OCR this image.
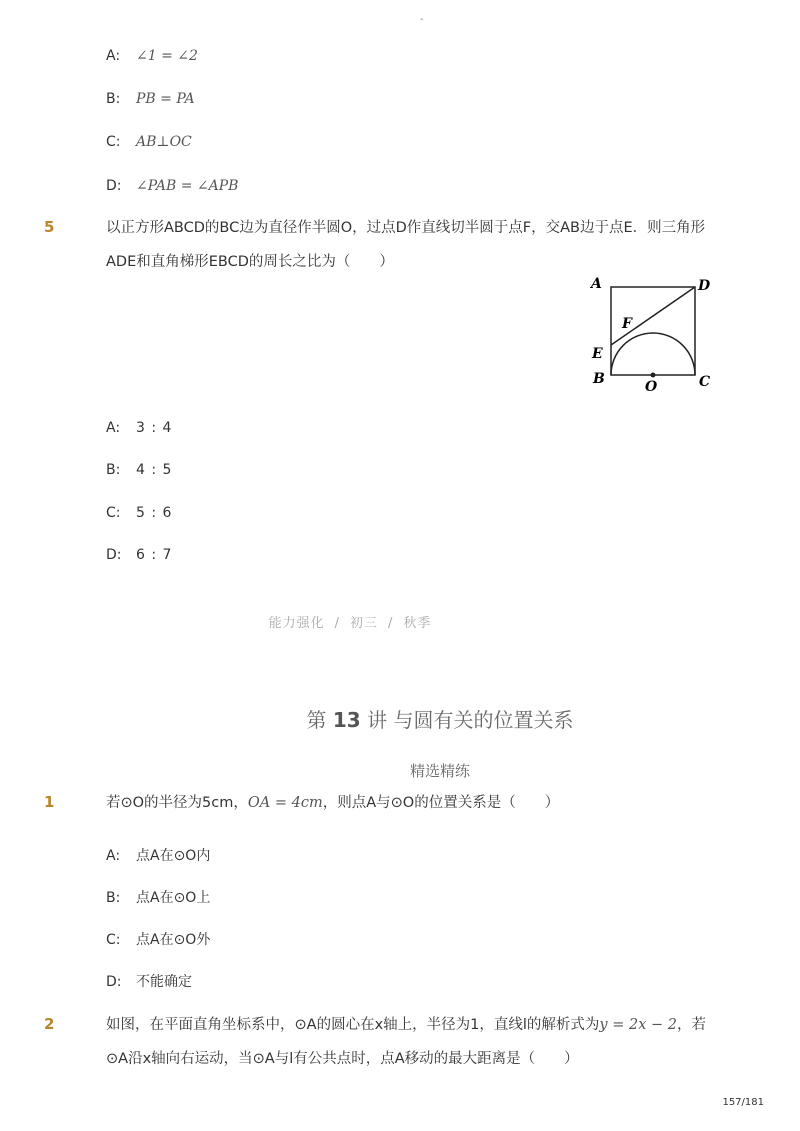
-
A: ∠1 = ∠2
B: PB = PA
C: AB⊥OC
D: ∠PAB = ∠APB
5	以正方形ABCD的BC边为直径作半圆O，过点D作直线切半圆于点F，交AB边于点E．则三角形ADE和直角梯形EBCD的周长之比为（　　）
A	D
F
E
B	O	C
A: 3 : 4
B: 4 : 5
C: 5 : 6
D: 6 : 7
能力强化 / 初三 / 秋季
第 13 讲 与圆有关的位置关系
精选精练
1	若⊙O的半径为5cm，OA = 4cm，则点A与⊙O的位置关系是（　　）
A: 点A在⊙O内
B: 点A在⊙O上
C: 点A在⊙O外
D: 不能确定
2	如图，在平面直角坐标系中，⊙A的圆心在x轴上，半径为1，直线l的解析式为y = 2x − 2，若⊙A沿x轴向右运动，当⊙A与l有公共点时，点A移动的最大距离是（　　）
157/181
